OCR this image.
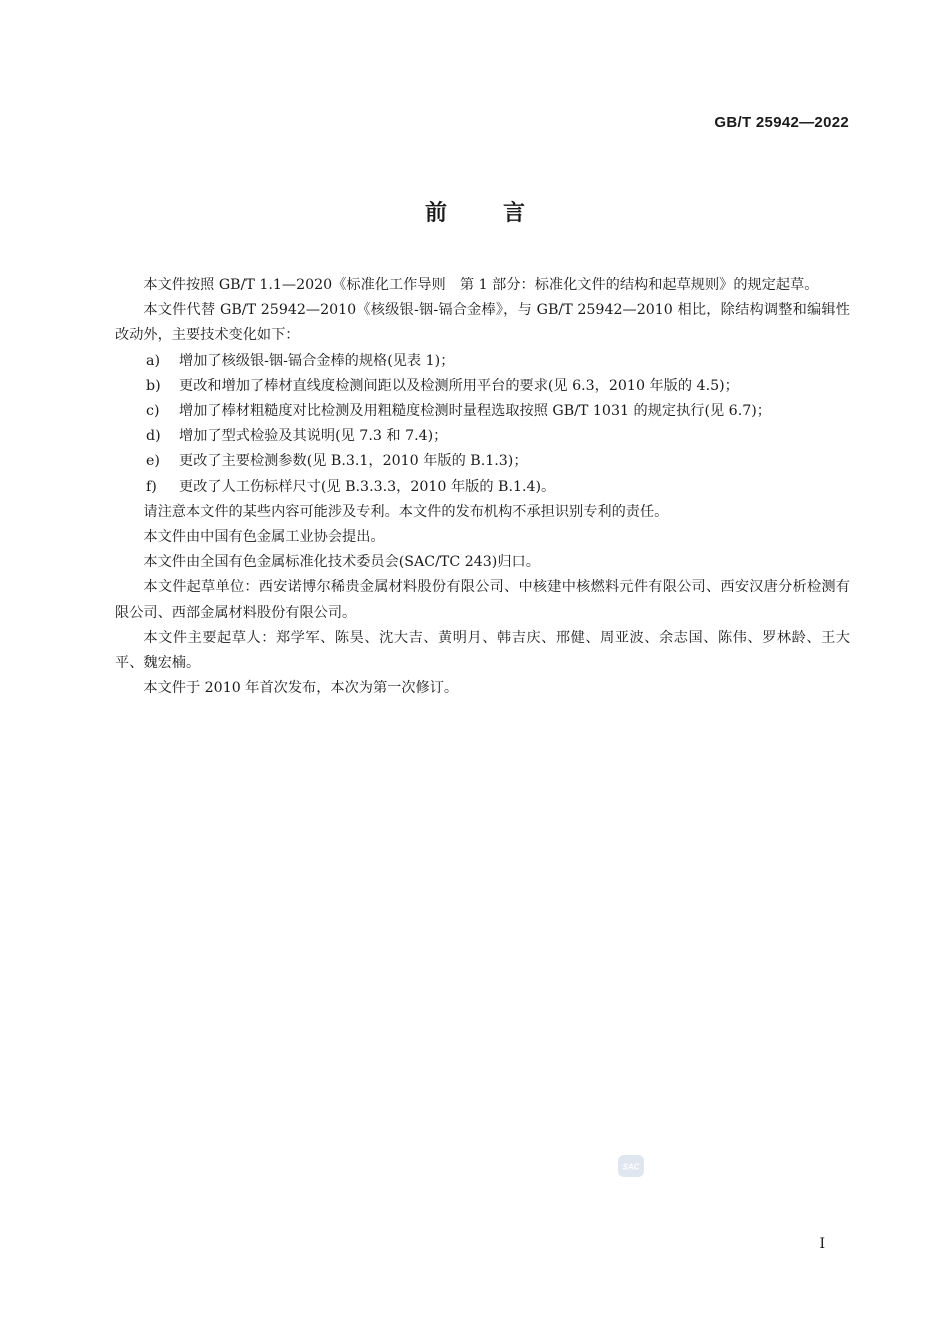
GB/T 25942—2022
前言

本文件按照 GB/T 1.1—2020《标准化工作导则　第 1 部分：标准化文件的结构和起草规则》的规定起草。

本文件代替 GB/T 25942—2010《核级银-铟-镉合金棒》，与 GB/T 25942—2010 相比，除结构调整和编辑性改动外，主要技术变化如下：

a) 增加了核级银-铟-镉合金棒的规格(见表 1)；

b) 更改和增加了棒材直线度检测间距以及检测所用平台的要求(见 6.3，2010 年版的 4.5)；

c) 增加了棒材粗糙度对比检测及用粗糙度检测时量程选取按照 GB/T 1031 的规定执行(见 6.7)；

d) 增加了型式检验及其说明(见 7.3 和 7.4)；

e) 更改了主要检测参数(见 B.3.1，2010 年版的 B.1.3)；

f) 更改了人工伤标样尺寸(见 B.3.3.3，2010 年版的 B.1.4)。

请注意本文件的某些内容可能涉及专利。本文件的发布机构不承担识别专利的责任。

本文件由中国有色金属工业协会提出。

本文件由全国有色金属标准化技术委员会(SAC/TC 243)归口。

本文件起草单位：西安诺博尔稀贵金属材料股份有限公司、中核建中核燃料元件有限公司、西安汉唐分析检测有限公司、西部金属材料股份有限公司。

本文件主要起草人：郑学军、陈昊、沈大吉、黄明月、韩吉庆、邢健、周亚波、余志国、陈伟、罗林龄、王大平、魏宏楠。

本文件于 2010 年首次发布，本次为第一次修订。

SAC
I
